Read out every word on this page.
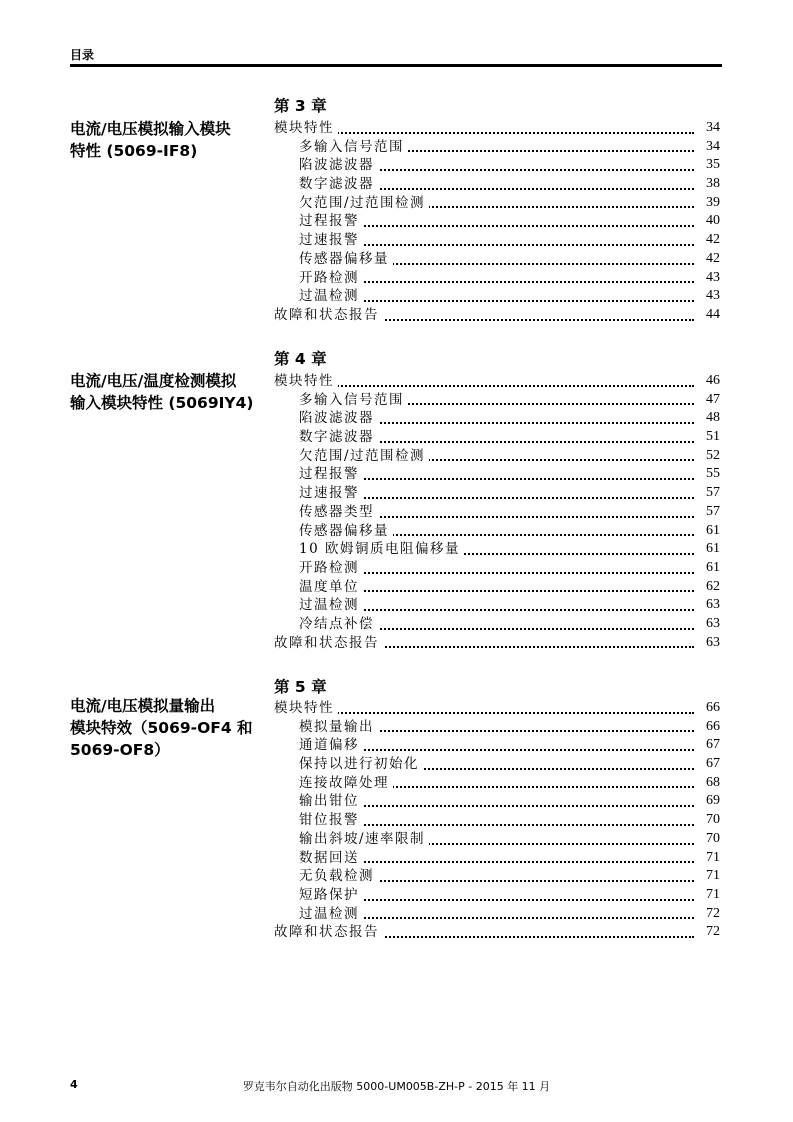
目录
第 3 章
电流/电压模拟输入模块
特性 (5069-IF8)
模块特性	34
多输入信号范围	34
陷波滤波器	35
数字滤波器	38
欠范围/过范围检测	39
过程报警	40
过速报警	42
传感器偏移量	42
开路检测	43
过温检测	43
故障和状态报告	44
第 4 章
电流/电压/温度检测模拟
输入模块特性 (5069IY4)
模块特性	46
多输入信号范围	47
陷波滤波器	48
数字滤波器	51
欠范围/过范围检测	52
过程报警	55
过速报警	57
传感器类型	57
传感器偏移量	61
10 欧姆铜质电阻偏移量	61
开路检测	61
温度单位	62
过温检测	63
冷结点补偿	63
故障和状态报告	63
第 5 章
电流/电压模拟量输出
模块特效（5069-OF4 和
5069-OF8）
模块特性	66
模拟量输出	66
通道偏移	67
保持以进行初始化	67
连接故障处理	68
输出钳位	69
钳位报警	70
输出斜坡/速率限制	70
数据回送	71
无负载检测	71
短路保护	71
过温检测	72
故障和状态报告	72
4	罗克韦尔自动化出版物 5000-UM005B-ZH-P - 2015 年 11 月
